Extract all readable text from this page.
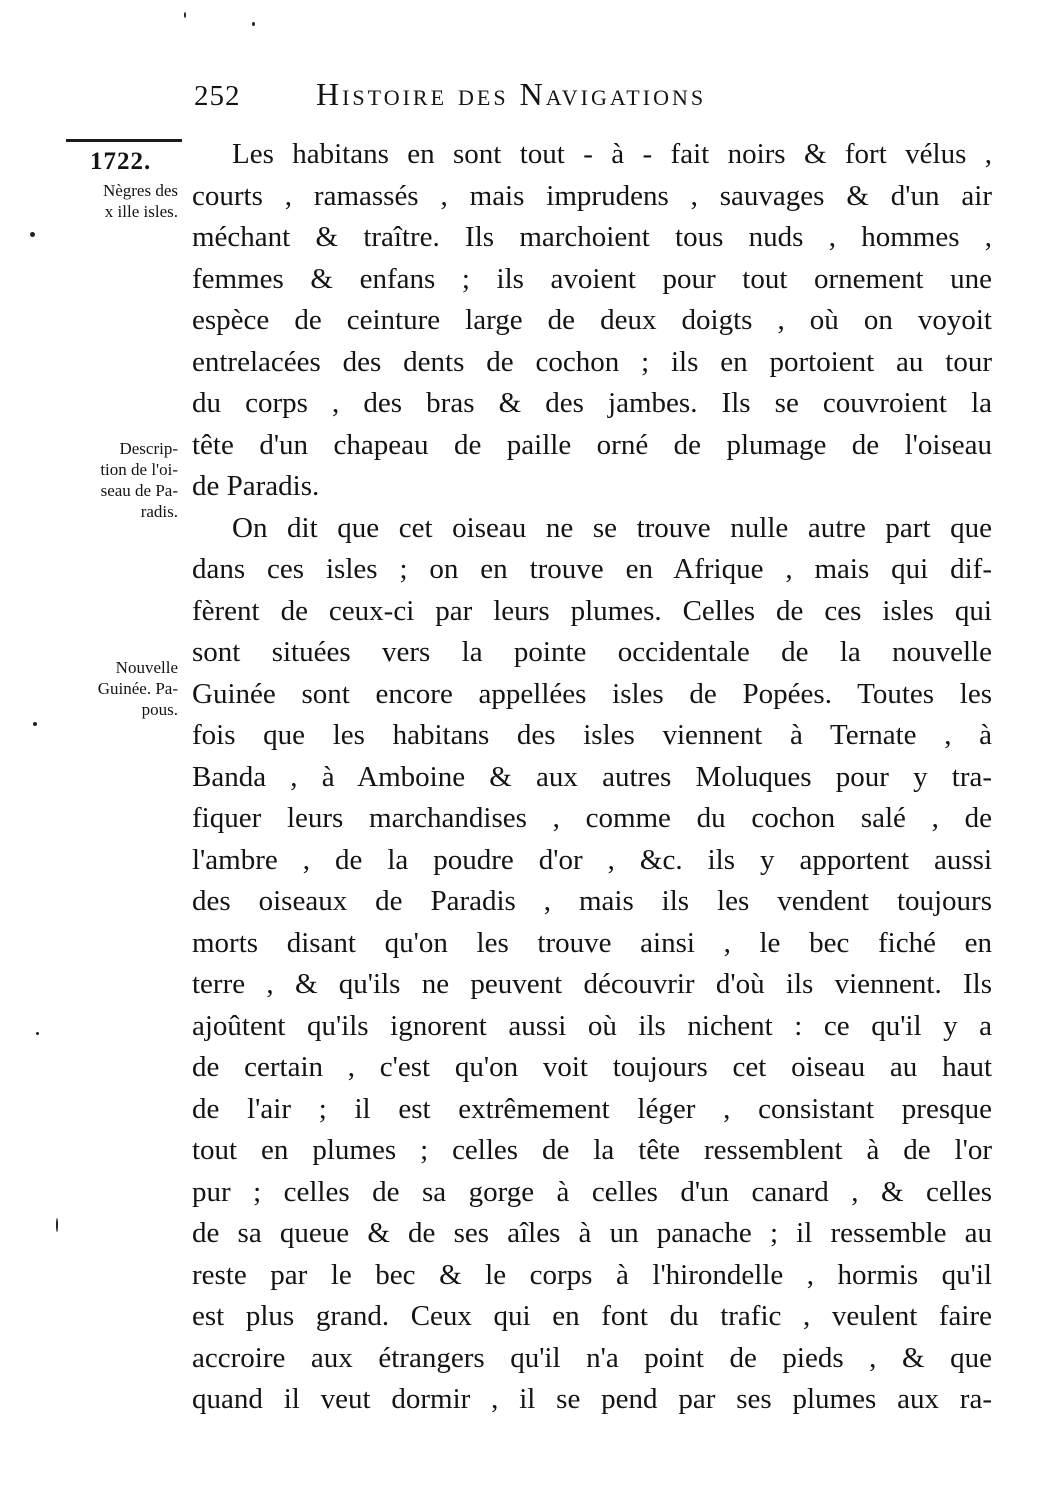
252 Histoire des Navigations
1722.
Nègres des
x ille isles.
Descrip-
tion de l'oi-
seau de Pa-
radis.
Nouvelle
Guinée. Pa-
pous.
Les habitans en sont tout - à - fait noirs & fort vélus ,
courts , ramassés , mais imprudens , sauvages & d'un air
méchant & traître. Ils marchoient tous nuds , hommes ,
femmes & enfans ; ils avoient pour tout ornement une
espèce de ceinture large de deux doigts , où on voyoit
entrelacées des dents de cochon ; ils en portoient au tour
du corps , des bras & des jambes. Ils se couvroient la
tête d'un chapeau de paille orné de plumage de l'oiseau
de Paradis.
On dit que cet oiseau ne se trouve nulle autre part que
dans ces isles ; on en trouve en Afrique , mais qui dif-
fèrent de ceux-ci par leurs plumes. Celles de ces isles qui
sont situées vers la pointe occidentale de la nouvelle
Guinée sont encore appellées isles de Popées. Toutes les
fois que les habitans des isles viennent à Ternate , à
Banda , à Amboine & aux autres Moluques pour y tra-
fiquer leurs marchandises , comme du cochon salé , de
l'ambre , de la poudre d'or , &c. ils y apportent aussi
des oiseaux de Paradis , mais ils les vendent toujours
morts disant qu'on les trouve ainsi , le bec fiché en
terre , & qu'ils ne peuvent découvrir d'où ils viennent. Ils
ajoûtent qu'ils ignorent aussi où ils nichent : ce qu'il y a
de certain , c'est qu'on voit toujours cet oiseau au haut
de l'air ; il est extrêmement léger , consistant presque
tout en plumes ; celles de la tête ressemblent à de l'or
pur ; celles de sa gorge à celles d'un canard , & celles
de sa queue & de ses aîles à un panache ; il ressemble au
reste par le bec & le corps à l'hirondelle , hormis qu'il
est plus grand. Ceux qui en font du trafic , veulent faire
accroire aux étrangers qu'il n'a point de pieds , & que
quand il veut dormir , il se pend par ses plumes aux ra-
